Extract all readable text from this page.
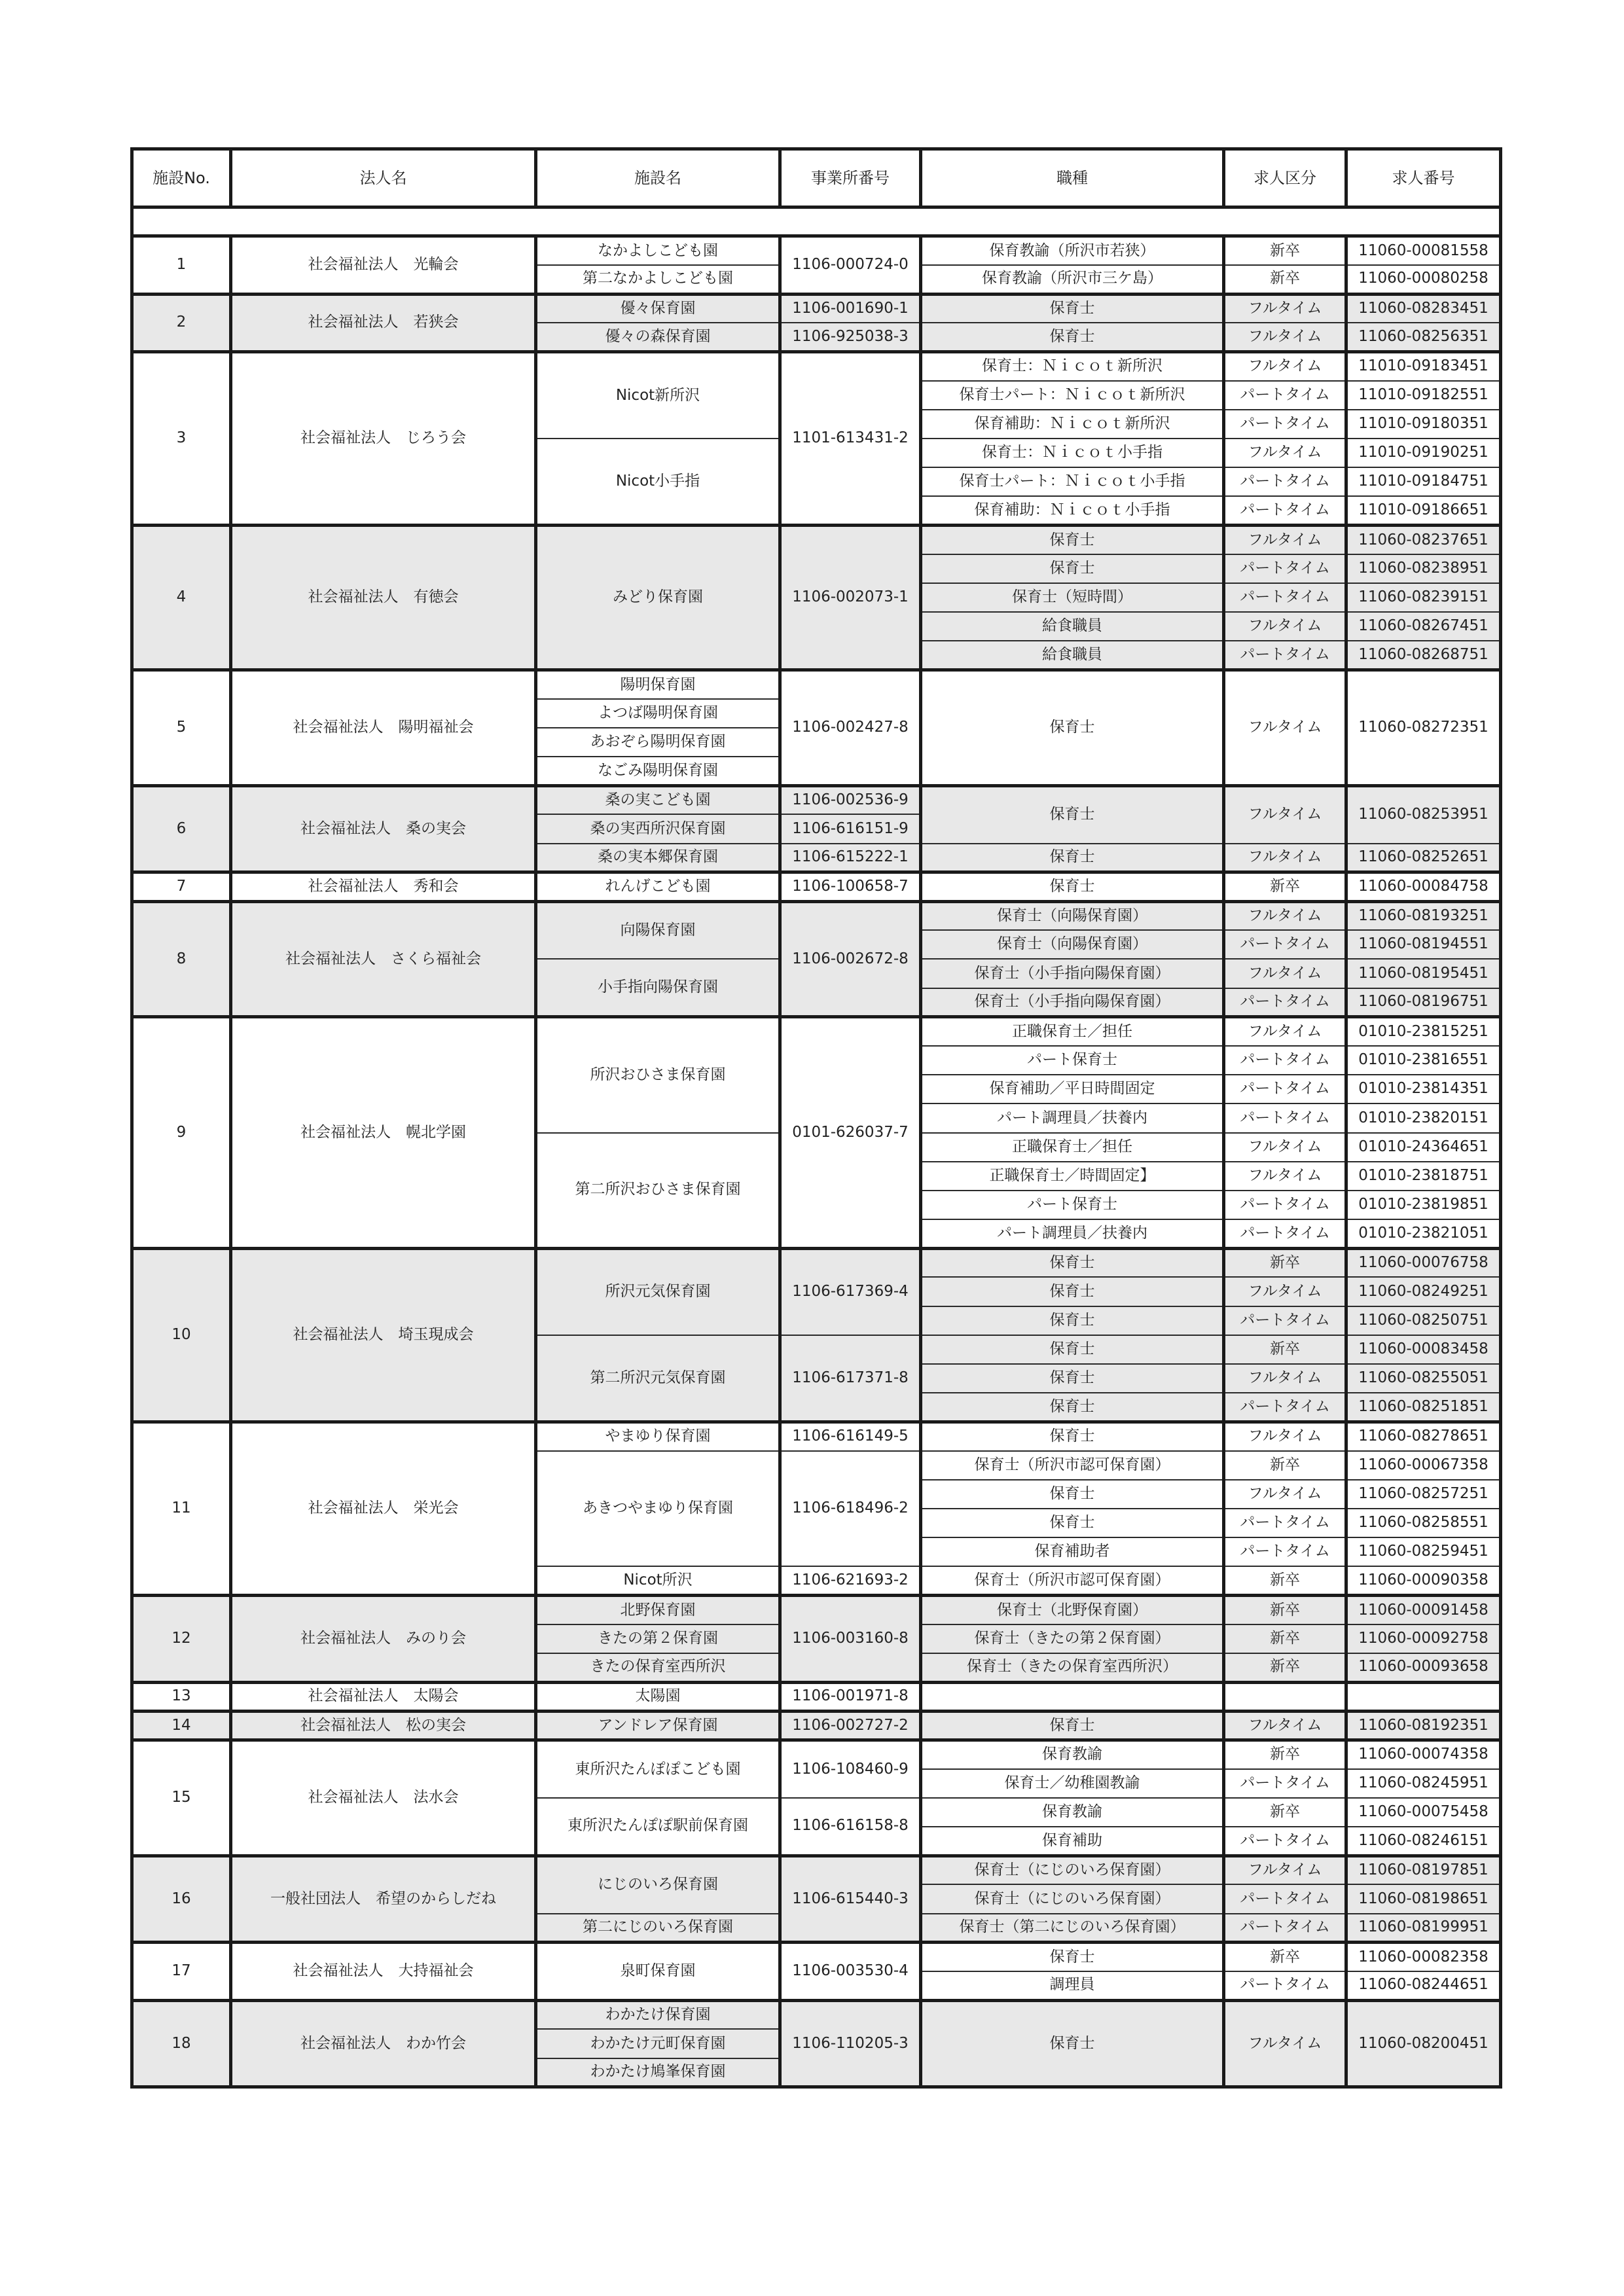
施設No.	法人名	施設名	事業所番号	職種	求人区分	求人番号

1	社会福祉法人　光輪会	なかよしこども園	1106-000724-0	保育教諭（所沢市若狭）	新卒	11060-00081558
		第二なかよしこども園		保育教諭（所沢市三ケ島）	新卒	11060-00080258
2	社会福祉法人　若狭会	優々保育園	1106-001690-1	保育士	フルタイム	11060-08283451
		優々の森保育園	1106-925038-3	保育士	フルタイム	11060-08256351
3	社会福祉法人　じろう会	Nicot新所沢	1101-613431-2	保育士：Ｎｉｃｏｔ新所沢	フルタイム	11010-09183451
				保育士パート：Ｎｉｃｏｔ新所沢	パートタイム	11010-09182551
				保育補助：Ｎｉｃｏｔ新所沢	パートタイム	11010-09180351
		Nicot小手指		保育士：Ｎｉｃｏｔ小手指	フルタイム	11010-09190251
				保育士パート：Ｎｉｃｏｔ小手指	パートタイム	11010-09184751
				保育補助：Ｎｉｃｏｔ小手指	パートタイム	11010-09186651
4	社会福祉法人　有徳会	みどり保育園	1106-002073-1	保育士	フルタイム	11060-08237651
				保育士	パートタイム	11060-08238951
				保育士（短時間）	パートタイム	11060-08239151
				給食職員	フルタイム	11060-08267451
				給食職員	パートタイム	11060-08268751
5	社会福祉法人　陽明福祉会	陽明保育園	1106-002427-8	保育士	フルタイム	11060-08272351
		よつば陽明保育園				
		あおぞら陽明保育園				
		なごみ陽明保育園				
6	社会福祉法人　桑の実会	桑の実こども園	1106-002536-9	保育士	フルタイム	11060-08253951
		桑の実西所沢保育園	1106-616151-9			
		桑の実本郷保育園	1106-615222-1	保育士	フルタイム	11060-08252651
7	社会福祉法人　秀和会	れんげこども園	1106-100658-7	保育士	新卒	11060-00084758
8	社会福祉法人　さくら福祉会	向陽保育園	1106-002672-8	保育士（向陽保育園）	フルタイム	11060-08193251
				保育士（向陽保育園）	パートタイム	11060-08194551
		小手指向陽保育園		保育士（小手指向陽保育園）	フルタイム	11060-08195451
				保育士（小手指向陽保育園）	パートタイム	11060-08196751
9	社会福祉法人　幌北学園	所沢おひさま保育園	0101-626037-7	正職保育士／担任	フルタイム	01010-23815251
				パート保育士	パートタイム	01010-23816551
				保育補助／平日時間固定	パートタイム	01010-23814351
				パート調理員／扶養内	パートタイム	01010-23820151
		第二所沢おひさま保育園		正職保育士／担任	フルタイム	01010-24364651
				正職保育士／時間固定】	フルタイム	01010-23818751
				パート保育士	パートタイム	01010-23819851
				パート調理員／扶養内	パートタイム	01010-23821051
10	社会福祉法人　埼玉現成会	所沢元気保育園	1106-617369-4	保育士	新卒	11060-00076758
				保育士	フルタイム	11060-08249251
				保育士	パートタイム	11060-08250751
		第二所沢元気保育園	1106-617371-8	保育士	新卒	11060-00083458
				保育士	フルタイム	11060-08255051
				保育士	パートタイム	11060-08251851
11	社会福祉法人　栄光会	やまゆり保育園	1106-616149-5	保育士	フルタイム	11060-08278651
		あきつやまゆり保育園	1106-618496-2	保育士（所沢市認可保育園）	新卒	11060-00067358
				保育士	フルタイム	11060-08257251
				保育士	パートタイム	11060-08258551
				保育補助者	パートタイム	11060-08259451
		Nicot所沢	1106-621693-2	保育士（所沢市認可保育園）	新卒	11060-00090358
12	社会福祉法人　みのり会	北野保育園	1106-003160-8	保育士（北野保育園）	新卒	11060-00091458
		きたの第２保育園		保育士（きたの第２保育園）	新卒	11060-00092758
		きたの保育室西所沢		保育士（きたの保育室西所沢）	新卒	11060-00093658
13	社会福祉法人　太陽会	太陽園	1106-001971-8			
14	社会福祉法人　松の実会	アンドレア保育園	1106-002727-2	保育士	フルタイム	11060-08192351
15	社会福祉法人　法水会	東所沢たんぽぽこども園	1106-108460-9	保育教諭	新卒	11060-00074358
				保育士／幼稚園教諭	パートタイム	11060-08245951
		東所沢たんぽぽ駅前保育園	1106-616158-8	保育教諭	新卒	11060-00075458
				保育補助	パートタイム	11060-08246151
16	一般社団法人　希望のからしだね	にじのいろ保育園	1106-615440-3	保育士（にじのいろ保育園）	フルタイム	11060-08197851
				保育士（にじのいろ保育園）	パートタイム	11060-08198651
		第二にじのいろ保育園		保育士（第二にじのいろ保育園）	パートタイム	11060-08199951
17	社会福祉法人　大持福祉会	泉町保育園	1106-003530-4	保育士	新卒	11060-00082358
				調理員	パートタイム	11060-08244651
18	社会福祉法人　わか竹会	わかたけ保育園	1106-110205-3	保育士	フルタイム	11060-08200451
		わかたけ元町保育園				
		わかたけ鳩峯保育園				
